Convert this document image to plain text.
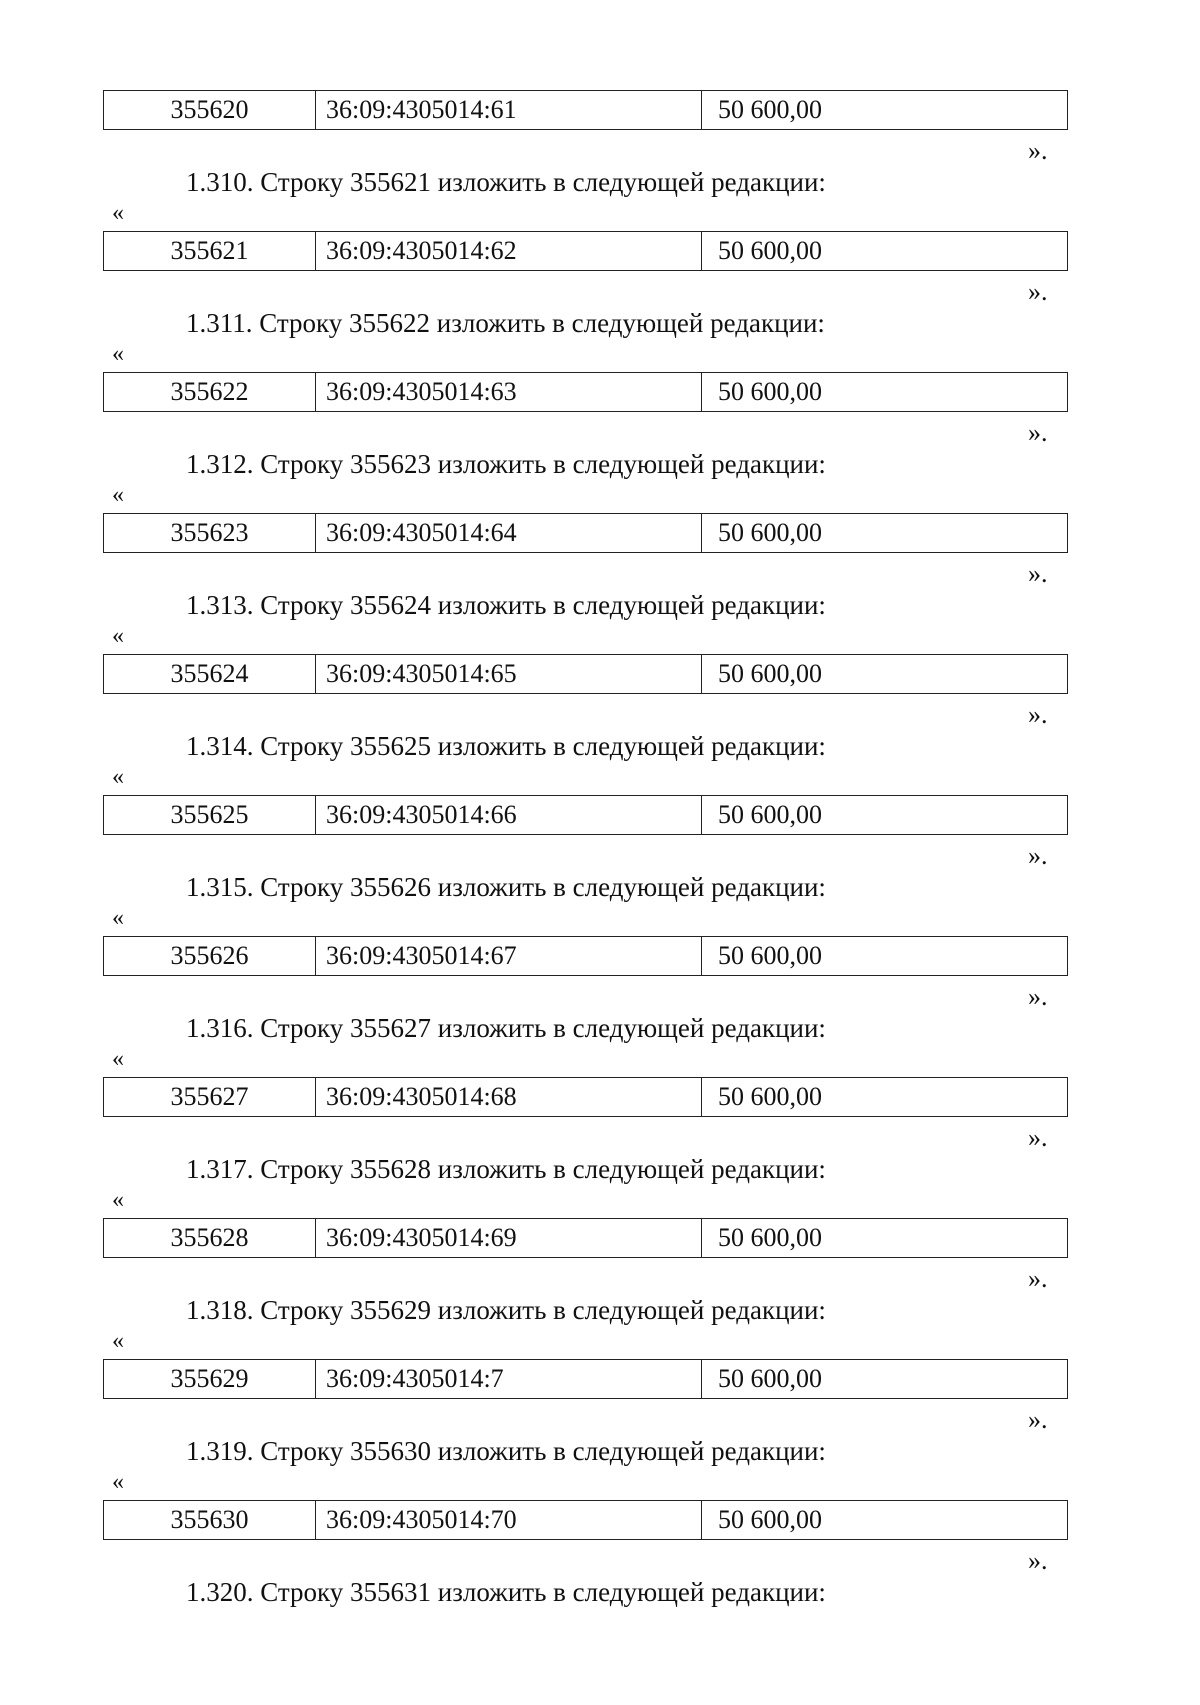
355620	36:09:4305014:61	50 600,00
».
1.310. Строку 355621 изложить в следующей редакции:
«
355621	36:09:4305014:62	50 600,00
».
1.311. Строку 355622 изложить в следующей редакции:
«
355622	36:09:4305014:63	50 600,00
».
1.312. Строку 355623 изложить в следующей редакции:
«
355623	36:09:4305014:64	50 600,00
».
1.313. Строку 355624 изложить в следующей редакции:
«
355624	36:09:4305014:65	50 600,00
».
1.314. Строку 355625 изложить в следующей редакции:
«
355625	36:09:4305014:66	50 600,00
».
1.315. Строку 355626 изложить в следующей редакции:
«
355626	36:09:4305014:67	50 600,00
».
1.316. Строку 355627 изложить в следующей редакции:
«
355627	36:09:4305014:68	50 600,00
».
1.317. Строку 355628 изложить в следующей редакции:
«
355628	36:09:4305014:69	50 600,00
».
1.318. Строку 355629 изложить в следующей редакции:
«
355629	36:09:4305014:7	50 600,00
».
1.319. Строку 355630 изложить в следующей редакции:
«
355630	36:09:4305014:70	50 600,00
».
1.320. Строку 355631 изложить в следующей редакции:
